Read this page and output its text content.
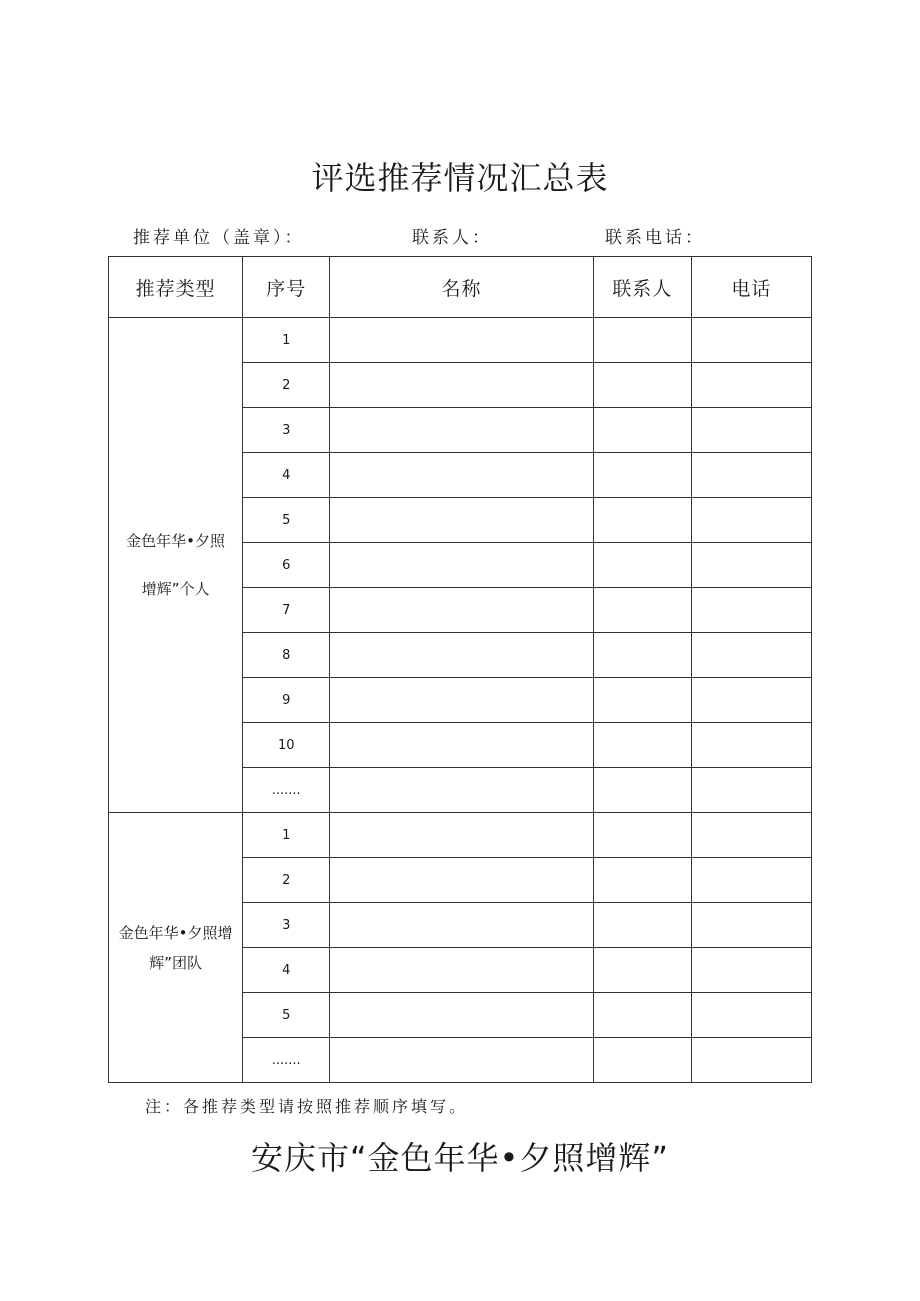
评选推荐情况汇总表
推荐单位（盖章）：	联系人：	联系电话：
推荐类型	序号	名称	联系人	电话

金色年华•夕照
增辉”个人	1			
	2			
	3			
	4			
	5			
	6			
	7			
	8			
	9			
	10			
	.......			

金色年华•夕照增
辉”团队	1			
	2			
	3			
	4			
	5			
	.......			
注：各推荐类型请按照推荐顺序填写。
安庆市“金色年华•夕照增辉”
